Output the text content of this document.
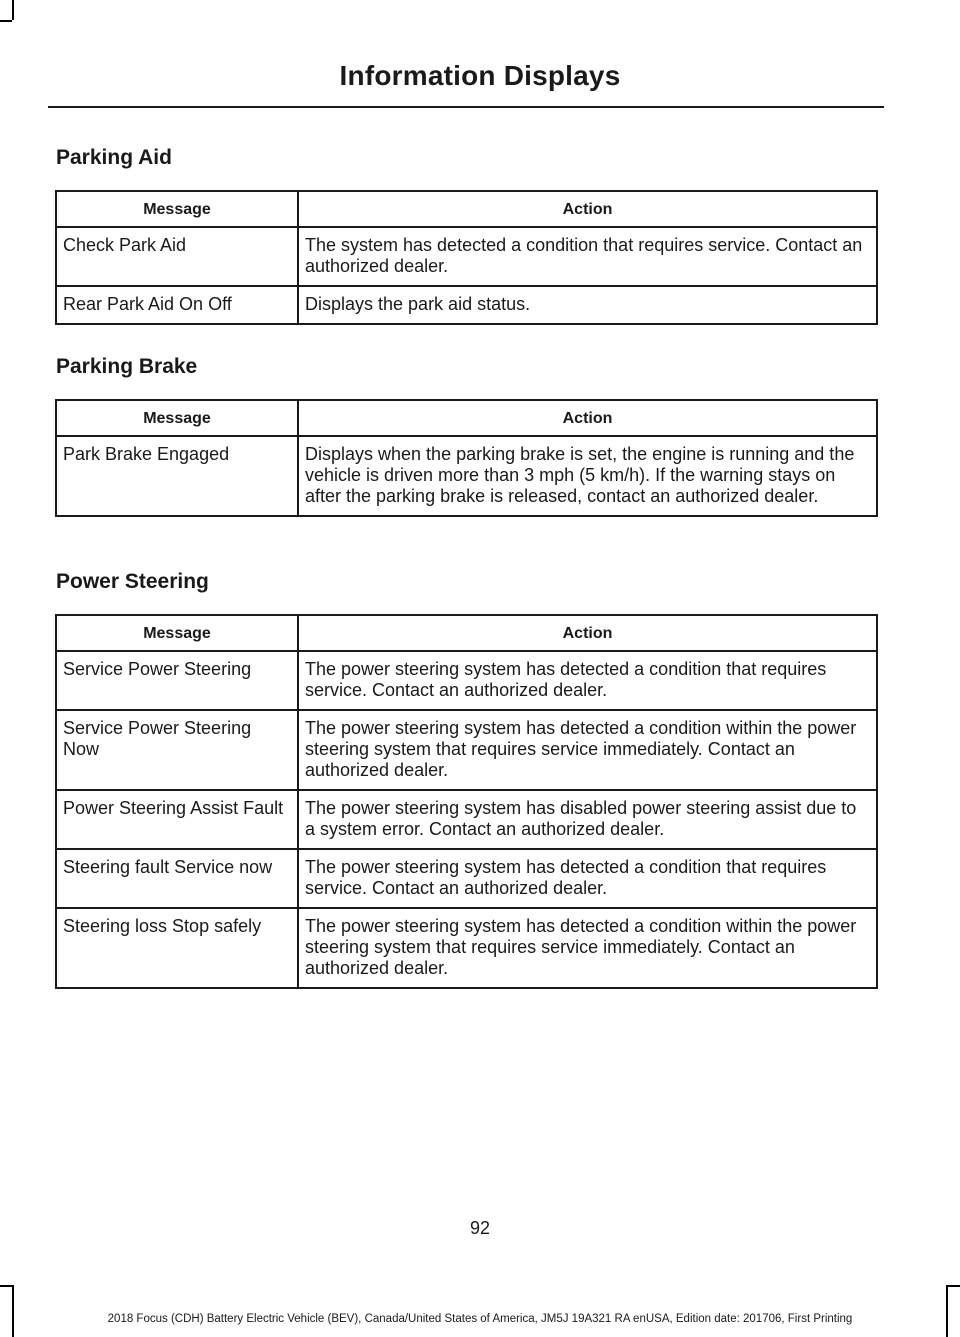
Information Displays
Parking Aid
Message	Action
Check Park Aid	The system has detected a condition that requires service. Contact an authorized dealer.
Rear Park Aid On Off	Displays the park aid status.
Parking Brake
Message	Action
Park Brake Engaged	Displays when the parking brake is set, the engine is running and the vehicle is driven more than 3 mph (5 km/h). If the warning stays on after the parking brake is released, contact an authorized dealer.
Power Steering
Message	Action
Service Power Steering	The power steering system has detected a condition that requires service. Contact an authorized dealer.
Service Power Steering Now	The power steering system has detected a condition within the power steering system that requires service immediately. Contact an authorized dealer.
Power Steering Assist Fault	The power steering system has disabled power steering assist due to a system error. Contact an authorized dealer.
Steering fault Service now	The power steering system has detected a condition that requires service. Contact an authorized dealer.
Steering loss Stop safely	The power steering system has detected a condition within the power steering system that requires service immediately. Contact an authorized dealer.
92
2018 Focus (CDH) Battery Electric Vehicle (BEV), Canada/United States of America, JM5J 19A321 RA enUSA, Edition date: 201706, First Printing
